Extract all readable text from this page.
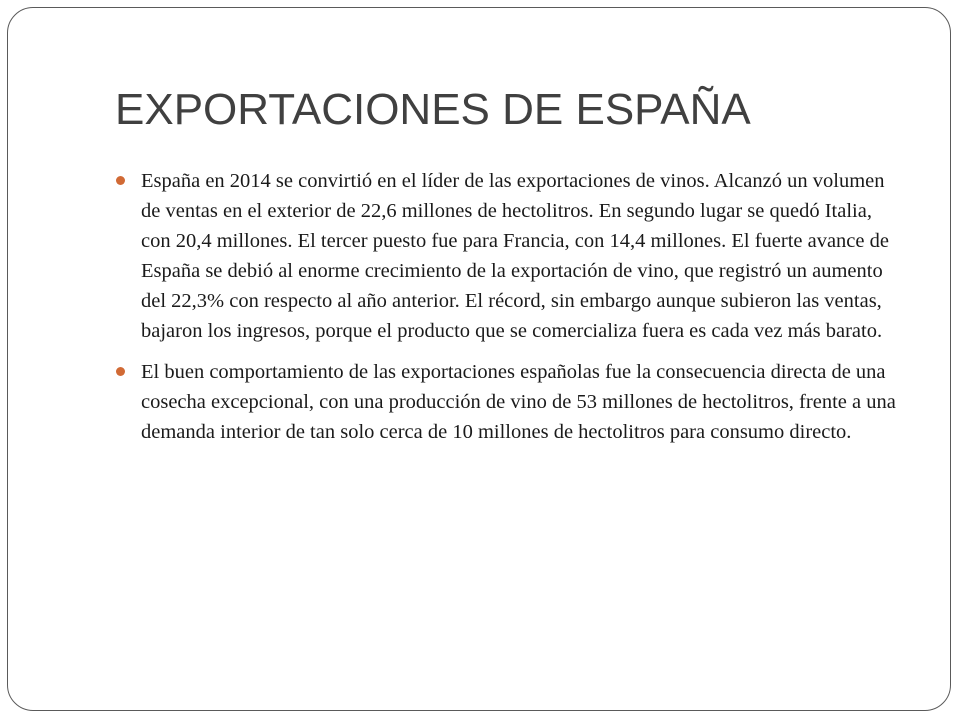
EXPORTACIONES DE ESPAÑA
España en 2014 se convirtió en el líder de las exportaciones de vinos. Alcanzó un volumen de ventas en el exterior de 22,6 millones de hectolitros. En segundo lugar se quedó Italia, con 20,4 millones. El tercer puesto fue para Francia, con 14,4 millones. El fuerte avance de España se debió al enorme crecimiento de la exportación de vino, que registró un aumento del 22,3% con respecto al año anterior. El récord, sin embargo aunque subieron las ventas, bajaron los ingresos, porque el producto que se comercializa fuera es cada vez más barato.
El buen comportamiento de las exportaciones españolas fue la consecuencia directa de una cosecha excepcional, con una producción de vino de 53 millones de hectolitros, frente a una demanda interior de tan solo cerca de 10 millones de hectolitros para consumo directo.
